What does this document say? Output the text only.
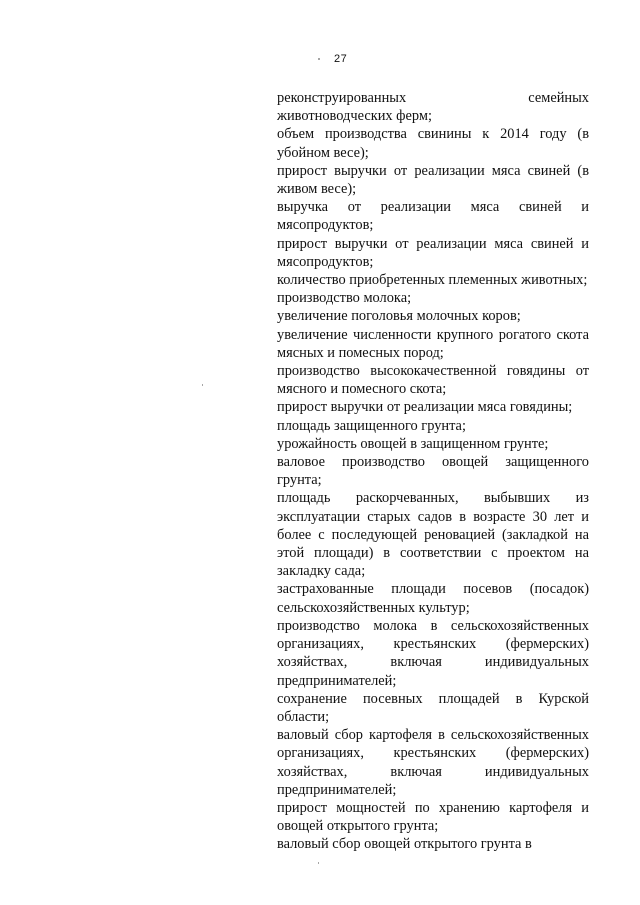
27

реконструированных семейных животноводческих ферм;

объем производства свинины к 2014 году (в убойном весе);

прирост выручки от реализации мяса свиней (в живом весе);

выручка от реализации мяса свиней и мясопродуктов;

прирост выручки от реализации мяса свиней и мясопродуктов;

количество приобретенных племенных животных;

производство молока;

увеличение поголовья молочных коров;

увеличение численности крупного рогатого скота мясных и помесных пород;

производство высококачественной говядины от мясного и помесного скота;

прирост выручки от реализации мяса говядины;

площадь защищенного грунта;

урожайность овощей в защищенном грунте;

валовое производство овощей защищенного грунта;

площадь раскорчеванных, выбывших из эксплуатации старых садов в возрасте 30 лет и более с последующей реновацией (закладкой на этой площади) в соответствии с проектом на закладку сада;

застрахованные площади посевов (посадок) сельскохозяйственных культур;

производство молока в сельскохозяйственных организациях, крестьянских (фермерских) хозяйствах, включая индивидуальных предпринимателей;

сохранение посевных площадей в Курской области;

валовый сбор картофеля в сельскохозяйственных организациях, крестьянских (фермерских) хозяйствах, включая индивидуальных предпринимателей;

прирост мощностей по хранению картофеля и овощей открытого грунта;

валовый сбор овощей открытого грунта в
